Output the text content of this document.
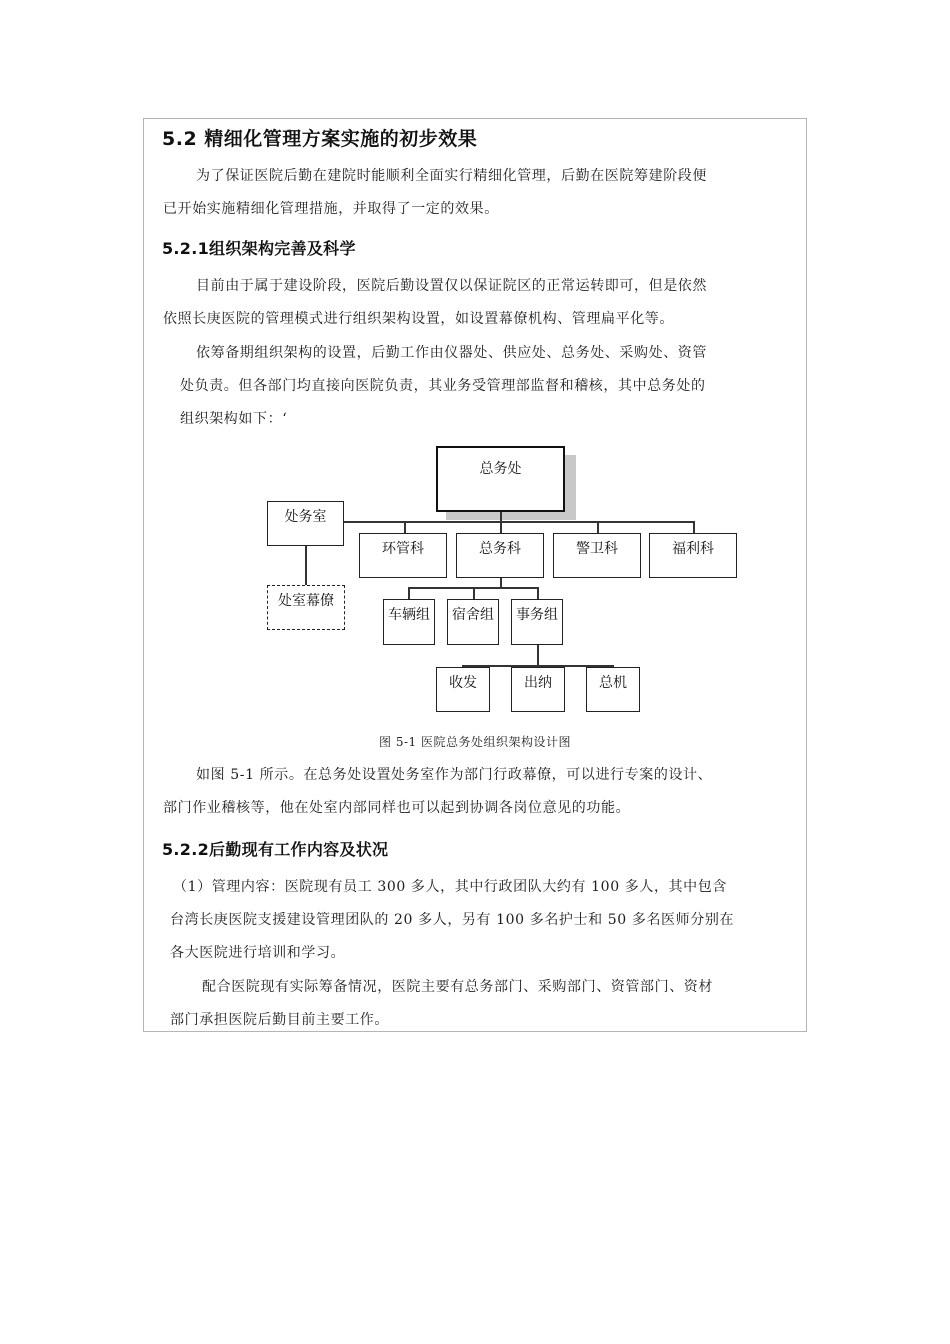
5.2 精细化管理方案实施的初步效果
为了保证医院后勤在建院时能顺利全面实行精细化管理，后勤在医院筹建阶段便
已开始实施精细化管理措施，并取得了一定的效果。
5.2.1组织架构完善及科学
目前由于属于建设阶段，医院后勤设置仅以保证院区的正常运转即可，但是依然
依照长庚医院的管理模式进行组织架构设置，如设置幕僚机构、管理扁平化等。
依筹备期组织架构的设置，后勤工作由仪器处、供应处、总务处、采购处、资管
处负责。但各部门均直接向医院负责，其业务受管理部监督和稽核，其中总务处的
组织架构如下：‘
总务处
处务室
处室幕僚
环管科	总务科	警卫科	福利科
车辆组	宿舍组	事务组
收发	出纳	总机
图 5-1 医院总务处组织架构设计图
如图 5-1 所示。在总务处设置处务室作为部门行政幕僚，可以进行专案的设计、
部门作业稽核等，他在处室内部同样也可以起到协调各岗位意见的功能。
5.2.2后勤现有工作内容及状况
（1）管理内容：医院现有员工 300 多人，其中行政团队大约有 100 多人，其中包含
台湾长庚医院支援建设管理团队的 20 多人，另有 100 多名护士和 50 多名医师分别在
各大医院进行培训和学习。
配合医院现有实际筹备情况，医院主要有总务部门、采购部门、资管部门、资材
部门承担医院后勤目前主要工作。
